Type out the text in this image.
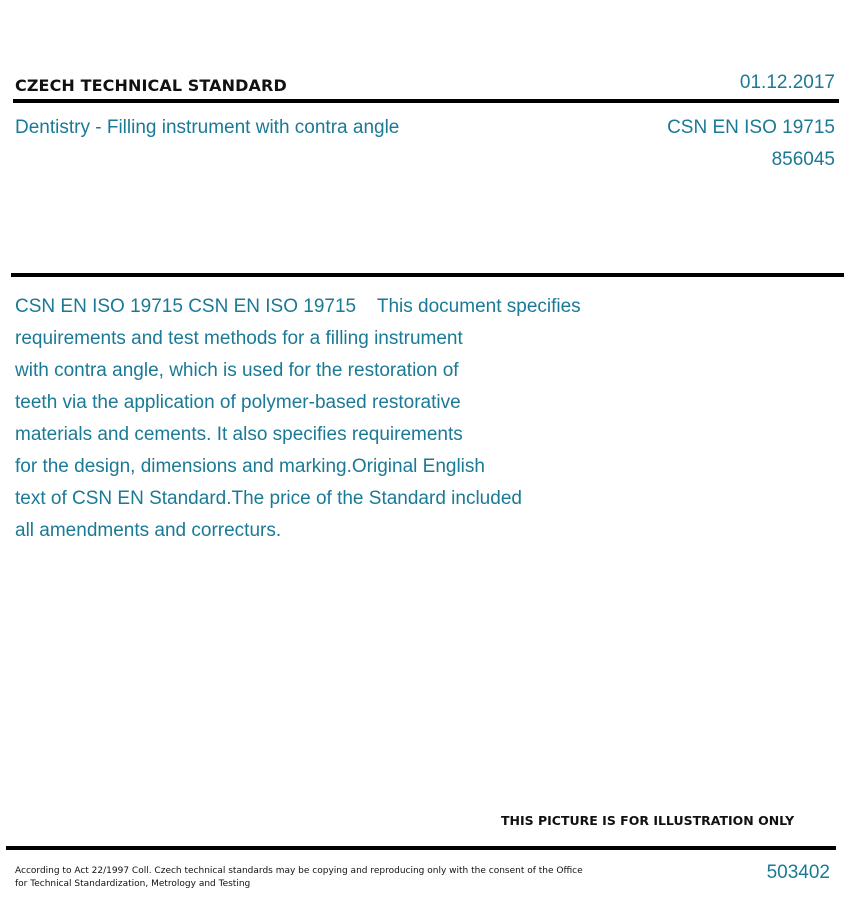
CZECH TECHNICAL STANDARD	01.12.2017
Dentistry - Filling instrument with contra angle	CSN EN ISO 19715
856045
CSN EN ISO 19715 CSN EN ISO 19715    This document specifies
requirements and test methods for a filling instrument
with contra angle, which is used for the restoration of
teeth via the application of polymer-based restorative
materials and cements. It also specifies requirements
for the design, dimensions and marking.Original English
text of CSN EN Standard.The price of the Standard included
all amendments and correcturs.
THIS PICTURE IS FOR ILLUSTRATION ONLY
According to Act 22/1997 Coll. Czech technical standards may be copying and reproducing only with the consent of the Office
for Technical Standardization, Metrology and Testing
503402
